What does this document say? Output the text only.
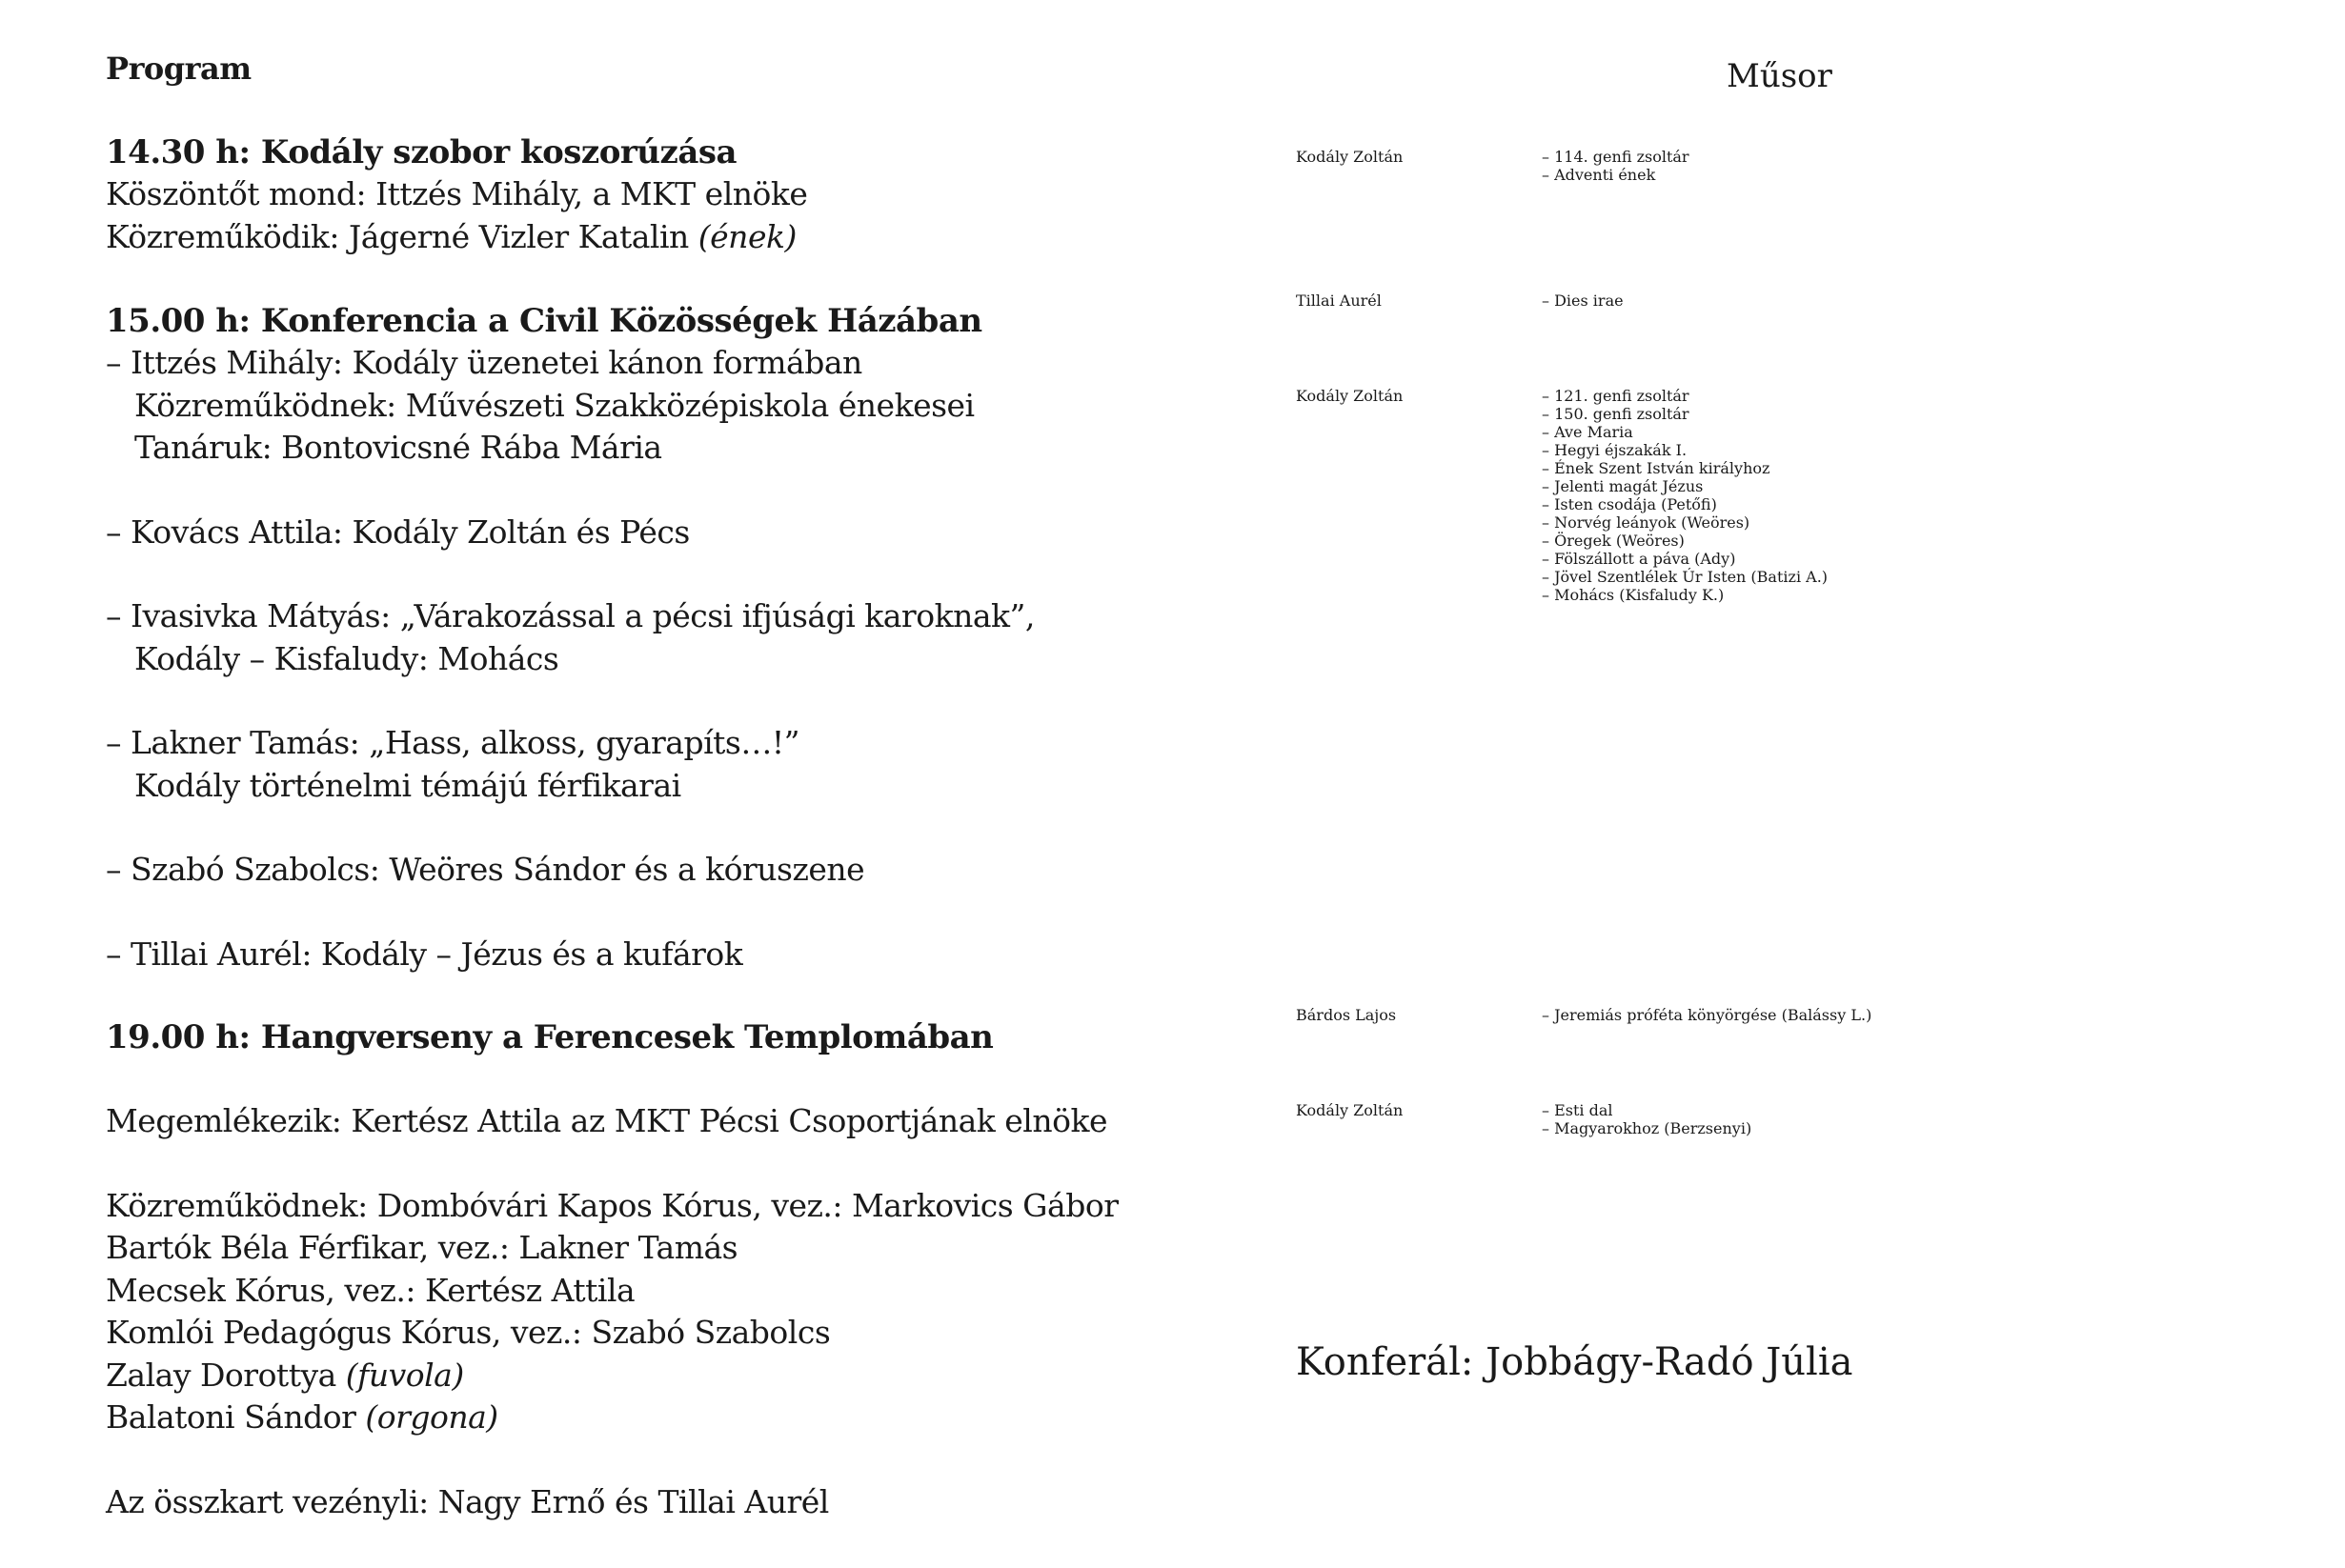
Program

14.30 h: Kodály szobor koszorúzása

Köszöntőt mond: Ittzés Mihály, a MKT elnöke

Közreműködik: Jágerné Vizler Katalin (ének)

15.00 h: Konferencia a Civil Közösségek Házában

– Ittzés Mihály: Kodály üzenetei kánon formában

Közreműködnek: Művészeti Szakközépiskola énekesei

Tanáruk: Bontovicsné Rába Mária

– Kovács Attila: Kodály Zoltán és Pécs

– Ivasivka Mátyás: „Várakozással a pécsi ifjúsági karoknak”,

Kodály – Kisfaludy: Mohács

– Lakner Tamás: „Hass, alkoss, gyarapíts…!”

Kodály történelmi témájú férfikarai

– Szabó Szabolcs: Weöres Sándor és a kóruszene

– Tillai Aurél: Kodály – Jézus és a kufárok

19.00 h: Hangverseny a Ferencesek Templomában

Megemlékezik: Kertész Attila az MKT Pécsi Csoportjának elnöke

Közreműködnek: Dombóvári Kapos Kórus, vez.: Markovics Gábor

Bartók Béla Férfikar, vez.: Lakner Tamás

Mecsek Kórus, vez.: Kertész Attila

Komlói Pedagógus Kórus, vez.: Szabó Szabolcs

Zalay Dorottya (fuvola)

Balatoni Sándor (orgona)

Az összkart vezényli: Nagy Ernő és Tillai Aurél

Műsor
Kodály Zoltán	– 114. genfi zsoltár
– Adventi ének
Tillai Aurél	– Dies irae
Kodály Zoltán	– 121. genfi zsoltár
– 150. genfi zsoltár
– Ave Maria
– Hegyi éjszakák I.
– Ének Szent István királyhoz
– Jelenti magát Jézus
– Isten csodája (Petőfi)
– Norvég leányok (Weöres)
– Öregek (Weöres)
– Fölszállott a páva (Ady)
– Jövel Szentlélek Úr Isten (Batizi A.)
– Mohács (Kisfaludy K.)
Bárdos Lajos	– Jeremiás próféta könyörgése (Balássy L.)
Kodály Zoltán	– Esti dal
– Magyarokhoz (Berzsenyi)
Konferál: Jobbágy-Radó Júlia
